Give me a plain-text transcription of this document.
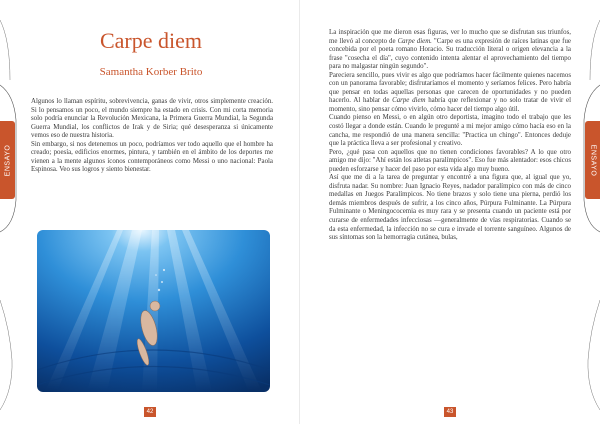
ENSAYO
Carpe diem
Samantha Korber Brito

Algunos lo llaman espíritu, sobrevivencia, ganas de vivir, otros simplemente creación. Si lo pensamos un poco, el mundo siempre ha estado en crisis. Con mi corta memoria solo podría enunciar la Revolución Mexicana, la Primera Guerra Mundial, la Segunda Guerra Mundial, los conflictos de Irak y de Siria; qué desesperanza si únicamente vemos eso de nuestra historia.

Sin embargo, si nos detenemos un poco, podríamos ver todo aquello que el hombre ha creado; poesía, edificios enormes, pintura, y también en el ámbito de los deportes me vienen a la mente algunos íconos contemporáneos como Messi o uno nacional: Paola Espinosa. Veo sus logros y siento bienestar.

42
ENSAYO

La inspiración que me dieron esas figuras, ver lo mucho que se disfrutan sus triunfos, me llevó al concepto de Carpe diem. "Carpe es una expresión de raíces latinas que fue concebida por el poeta romano Horacio. Su traducción literal o origen elevancia a la frase "cosecha el día", cuyo contenido intenta alentar el aprovechamiento del tiempo para no malgastar ningún segundo".

Pareciera sencillo, pues vivir es algo que podríamos hacer fácilmente quienes nacemos con un panorama favorable; disfrutaríamos el momento y seríamos felices. Pero habría que pensar en todas aquellas personas que carecen de oportunidades y no pueden hacerlo. Al hablar de Carpe diem habría que reflexionar y no solo tratar de vivir el momento, sino pensar cómo vivirlo, cómo hacer del tiempo algo útil.

Cuando pienso en Messi, o en algún otro deportista, imagino todo el trabajo que les costó llegar a donde están. Cuando le pregunté a mi mejor amigo cómo hacía eso en la cancha, me respondió de una manera sencilla: "Practica un chingo". Entonces deduje que la práctica lleva a ser profesional y creativo.

Pero, ¿qué pasa con aquellos que no tienen condiciones favorables? A lo que otro amigo me dijo: "Ahí están los atletas paralímpicos". Eso fue más alentador: esos chicos pueden esforzarse y hacer del paso por esta vida algo muy bueno.

Así que me di a la tarea de preguntar y encontré a una figura que, al igual que yo, disfruta nadar. Su nombre: Juan Ignacio Reyes, nadador paralímpico con más de cinco medallas en Juegos Paralímpicos. No tiene brazos y solo tiene una pierna, perdió los demás miembros después de sufrir, a los cinco años, Púrpura Fulminante. La Púrpura Fulminante o Meningococemia es muy rara y se presenta cuando un paciente está por curarse de enfermedades infecciosas —generalmente de vías respiratorias. Cuando se da esta enfermedad, la infección no se cura e invade el torrente sanguíneo. Algunos de sus síntomas son la hemorragia cutánea, bulas,

43
